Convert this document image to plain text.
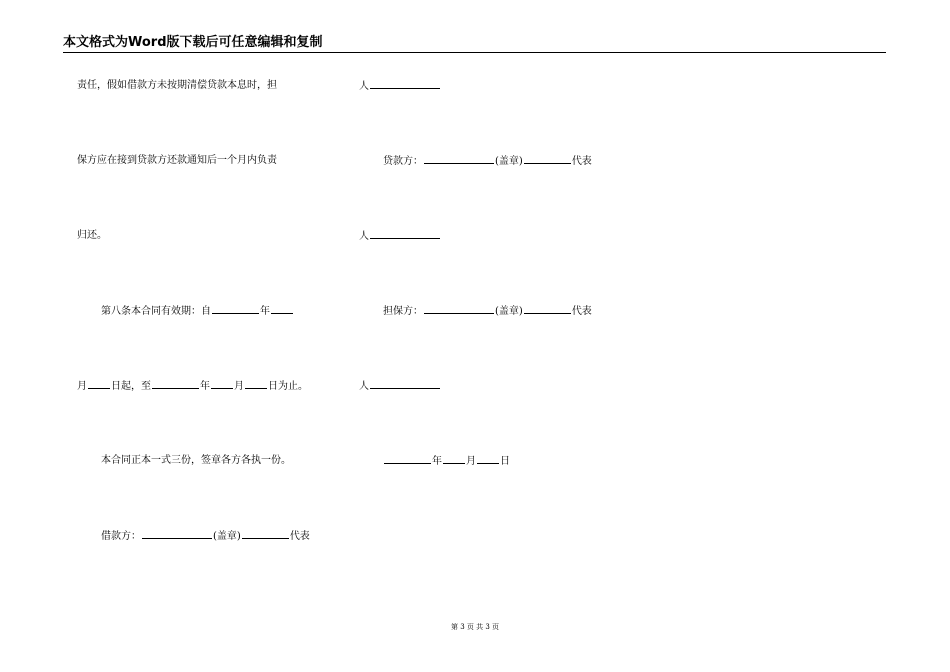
本文格式为Word版下载后可任意编辑和复制
责任，假如借款方未按期清偿贷款本息时，担
保方应在接到贷款方还款通知后一个月内负责
归还。
第八条本合同有效期：自	年
月 日起，至	年 月 日为止。
本合同正本一式三份，签章各方各执一份。
借款方：	(盖章)	代表
人
贷款方：	(盖章)	代表
人
担保方：	(盖章)	代表
人
年 月 日
第 3 页 共 3 页
